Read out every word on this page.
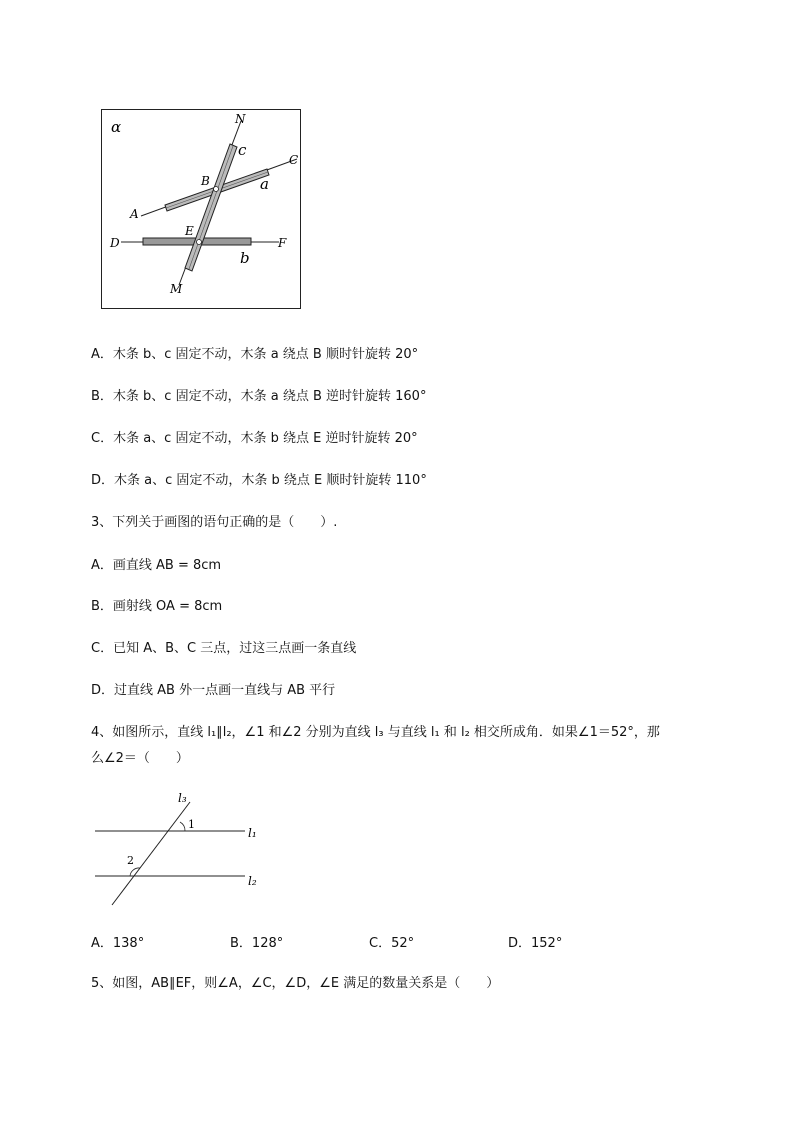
α	N
c
C
B	a
A
E
D	F
b
M
A．木条 b、c 固定不动，木条 a 绕点 B 顺时针旋转 20°
B．木条 b、c 固定不动，木条 a 绕点 B 逆时针旋转 160°
C．木条 a、c 固定不动，木条 b 绕点 E 逆时针旋转 20°
D．木条 a、c 固定不动，木条 b 绕点 E 顺时针旋转 110°
3、下列关于画图的语句正确的是（　　）.
A．画直线 AB = 8cm
B．画射线 OA = 8cm
C．已知 A、B、C 三点，过这三点画一条直线
D．过直线 AB 外一点画一直线与 AB 平行
4、如图所示，直线 l₁∥l₂，∠1 和∠2 分别为直线 l₃ 与直线 l₁ 和 l₂ 相交所成角．如果∠1＝52°，那
么∠2＝（　　）
l₃
1
l₁
2
l₂
A．138°	B．128°	C．52°	D．152°
5、如图，AB∥EF，则∠A，∠C，∠D，∠E 满足的数量关系是（　　）
